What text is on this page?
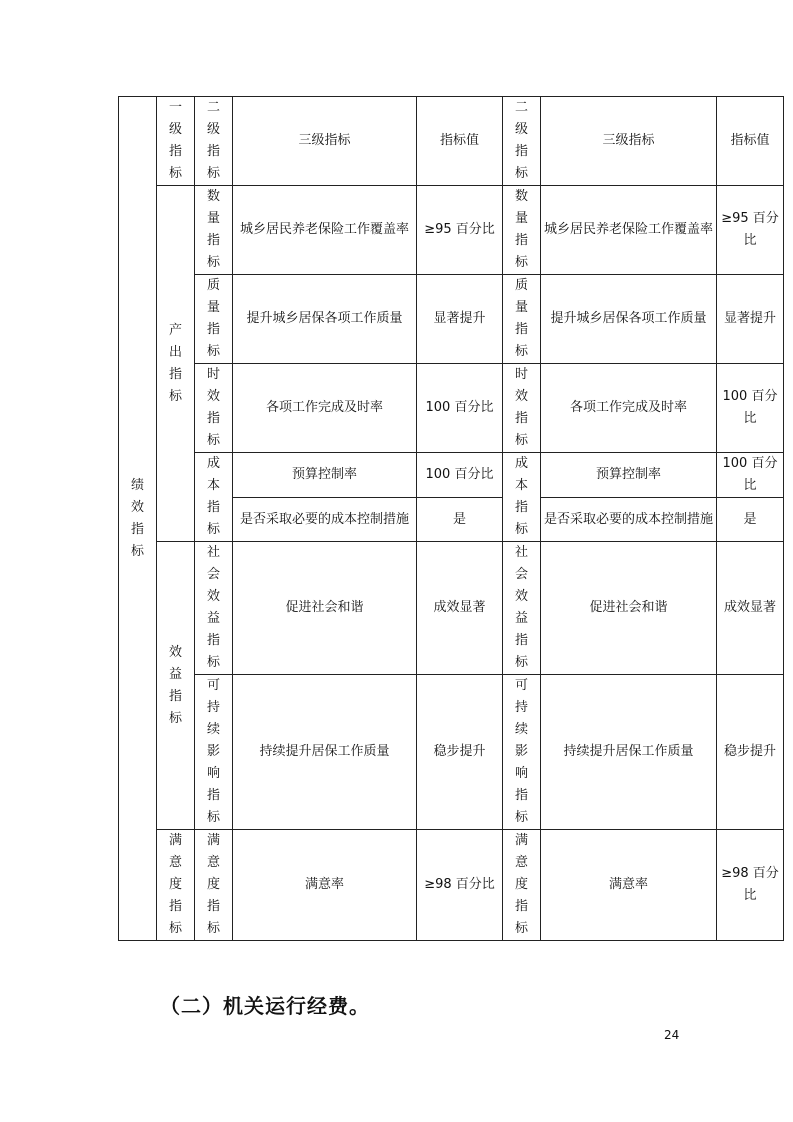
绩效指标	一级指标	二级指标	三级指标	指标值	二级指标	三级指标	指标值

	产出指标	数量指标	城乡居民养老保险工作覆盖率	≥95 百分比	数量指标	城乡居民养老保险工作覆盖率	≥95 百分比

		质量指标	提升城乡居保各项工作质量	显著提升	质量指标	提升城乡居保各项工作质量	显著提升

		时效指标	各项工作完成及时率	100 百分比	时效指标	各项工作完成及时率	100 百分比

		成本指标	预算控制率	100 百分比	成本指标	预算控制率	100 百分比
			是否采取必要的成本控制措施	是		是否采取必要的成本控制措施	是

	效益指标	社会效益指标	促进社会和谐	成效显著	社会效益指标	促进社会和谐	成效显著

		可持续影响指标	持续提升居保工作质量	稳步提升	可持续影响指标	持续提升居保工作质量	稳步提升

	满意度指标	满意度指标	满意率	≥98 百分比	满意度指标	满意率	≥98 百分比
（二）机关运行经费。
24
